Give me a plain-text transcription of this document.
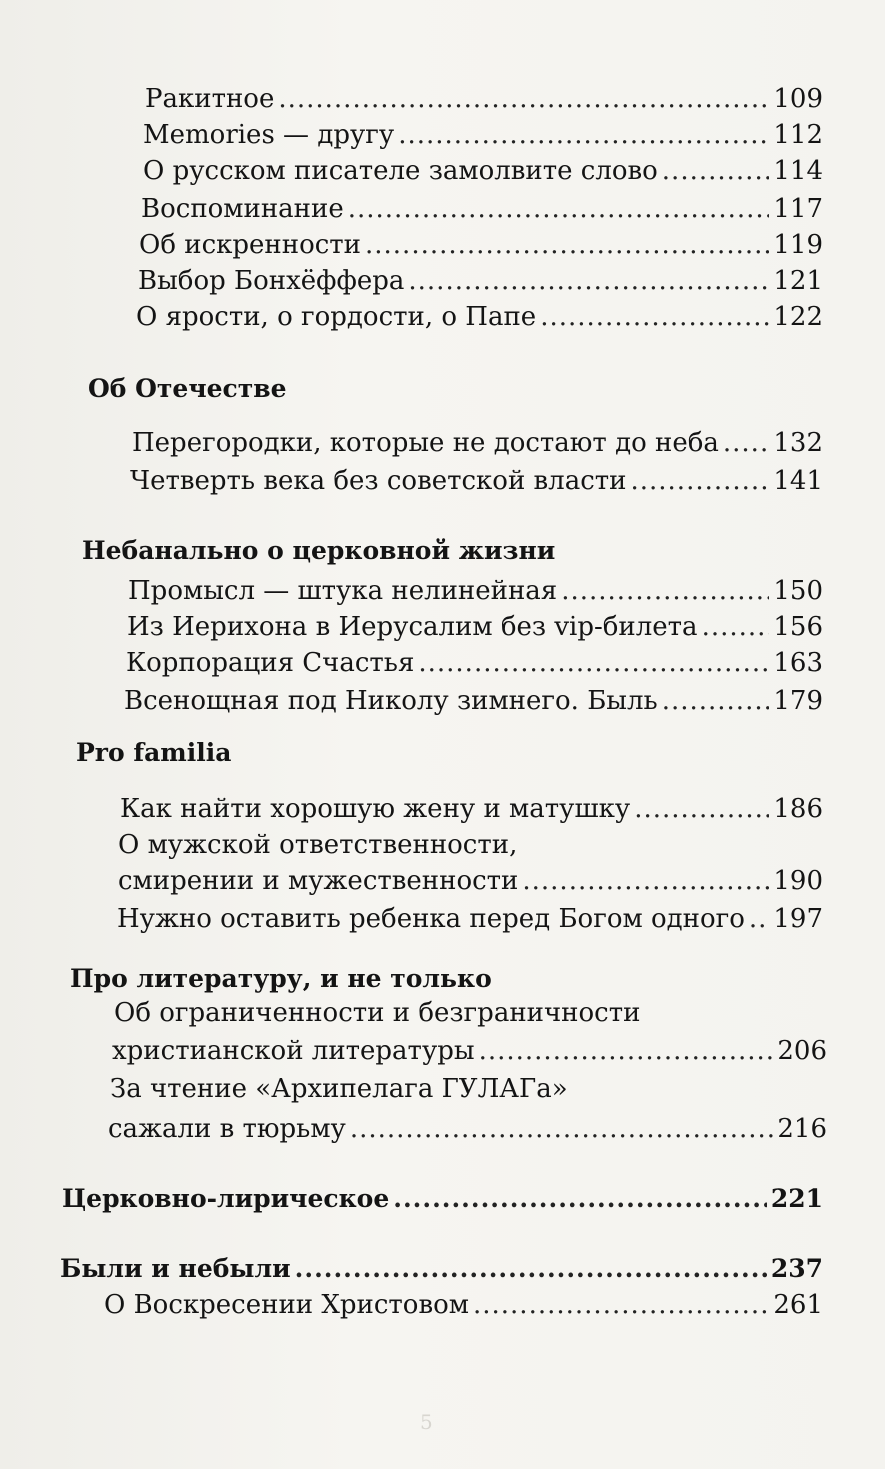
Ракитное .....	109
Memories — другу .....	112
О русском писателе замолвите слово .....	114
Воспоминание .....	117
Об искренности .....	119
Выбор Бонхёффера .....	121
О ярости, о гордости, о Папе .....	122
Об Отечестве
Перегородки, которые не достают до неба ..... 132
Четверть века без советской власти .....	141
Небанально о церковной жизни
Промысл — штука нелинейная .....	150
Из Иерихона в Иерусалим без vip-билета .....	156
Корпорация Счастья .....	163
Всенощная под Николу зимнего. Быль .....	179
Pro familia
Как найти хорошую жену и матушку .....	186
О мужской ответственности,
смирении и мужественности .....	190
Нужно оставить ребенка перед Богом одного ..... 197
Про литературу, и не только
Об ограниченности и безграничности
христианской литературы .....	206
За чтение «Архипелага ГУЛАГа»
сажали в тюрьму .....	216
Церковно-лирическое .....	221
Были и небыли .....	237
О Воскресении Христовом .....	261
5
